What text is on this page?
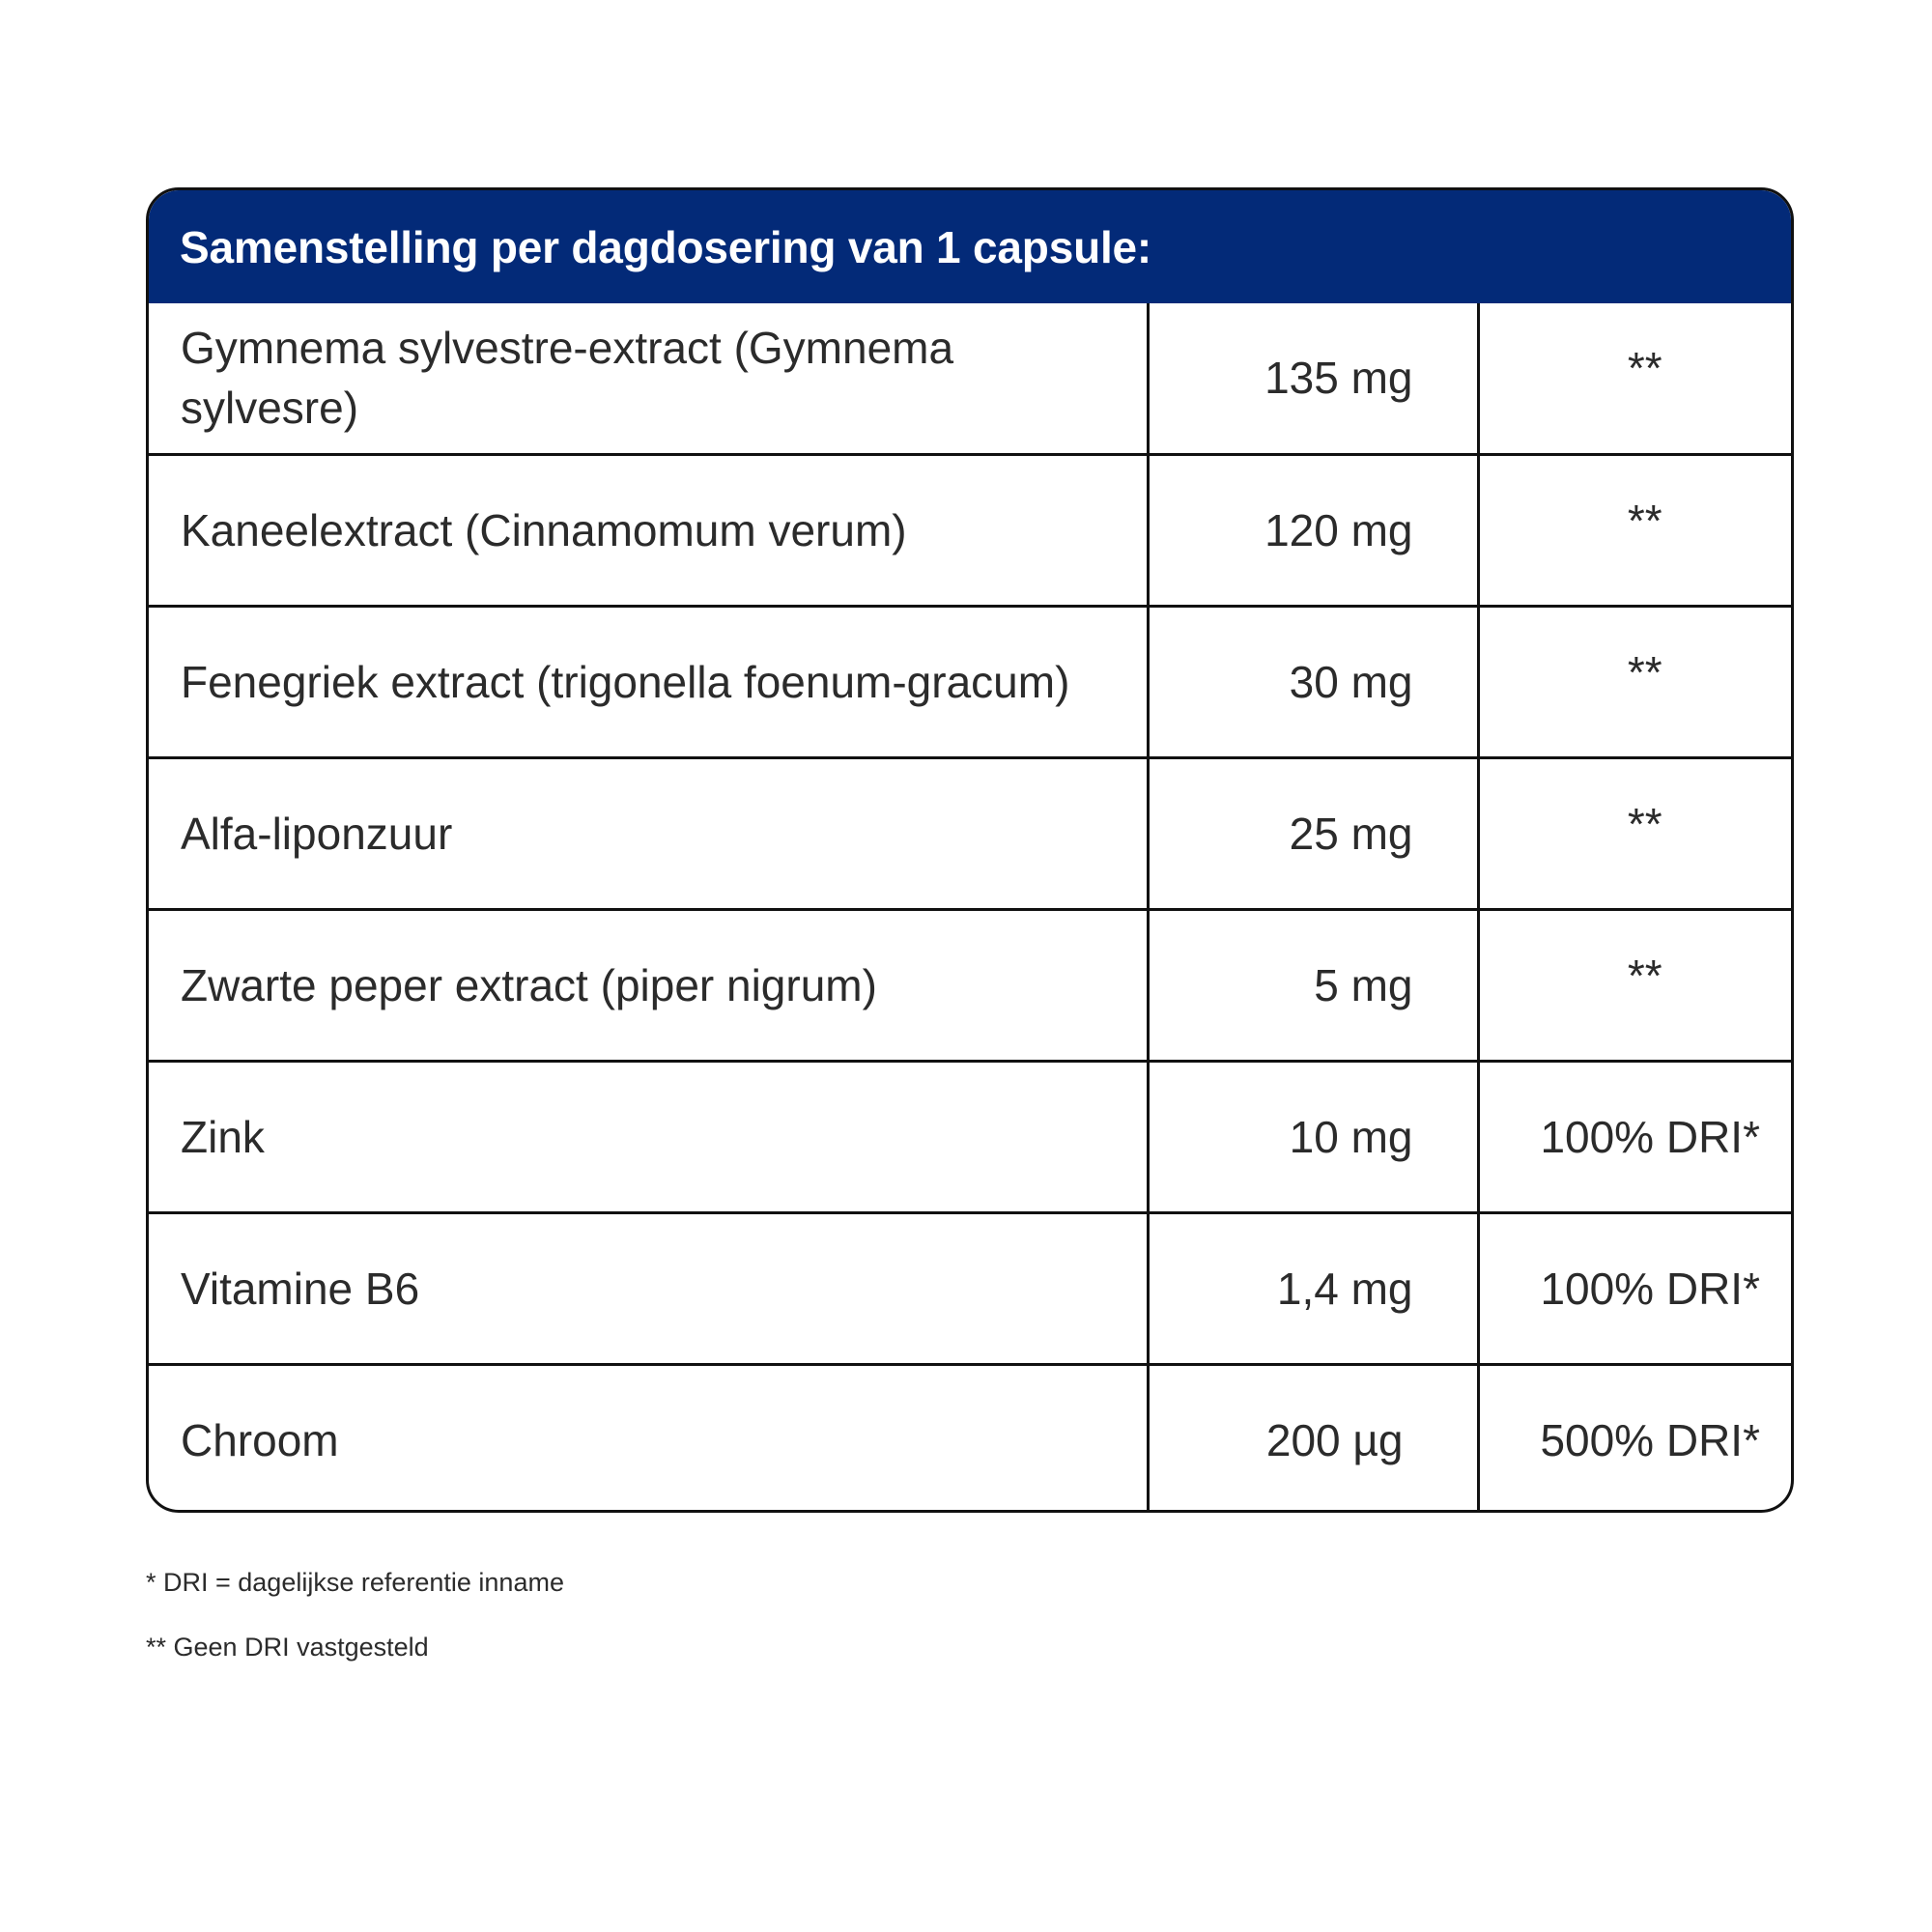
Samenstelling per dagdosering van 1 capsule:
Gymnema sylvestre-extract (Gymnema sylvesre)	135 mg	**
Kaneelextract (Cinnamomum verum)	120 mg	**
Fenegriek extract (trigonella foenum-gracum)	30 mg	**
Alfa-liponzuur	25 mg	**
Zwarte peper extract (piper nigrum)	5 mg	**
Zink	10 mg	100% DRI*
Vitamine B6	1,4 mg	100% DRI*
Chroom	200 µg	500% DRI*
* DRI = dagelijkse referentie inname
** Geen DRI vastgesteld
